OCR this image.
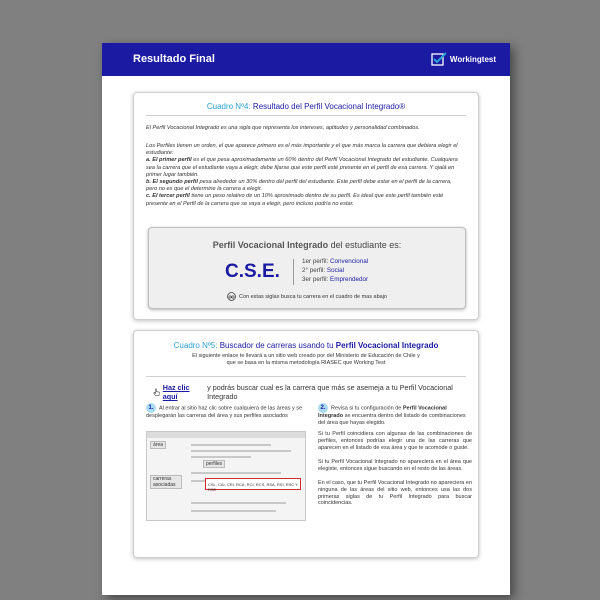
Resultado Final	Workingtest
Cuadro Nº4: Resultado del Perfil Vocacional Integrado®

El Perfil Vocacional Integrado es una sigla que representa los intereses, aptitudes y personalidad combinados.

Los Perfiles tienen un orden, el que aparece primero es el más importante y el que más marca la carrera que debiera elegir el estudiante:

a. El primer perfil es el que pesa aproximadamente un 60% dentro del Perfil Vocacional Integrado del estudiante. Cualquiera sea la carrera que el estudiante vaya a elegir, debe fijarse que este perfil esté presente en el perfil de esa carrera. Y ojalá en primer lugar también.

b. El segundo perfil pesa alrededor un 30% dentro del perfil del estudiante. Este perfil debe estar en el perfil de la carrera, pero no es que el determine la carrera a elegir.

c. El tercer perfil tiene un peso relativo de un 10% aproximado dentro de su perfil. Es ideal que este perfil también esté presente en el Perfil de la carrera que se vaya a elegir, pero incluso podría no estar.

Perfil Vocacional Integrado del estudiante es:
C.S.E.	1er perfil: Convencional
2° perfil: Social
3er perfil: Emprendedor
Con estas siglas busca tu carrera en el cuadro de mas abajo
Cuadro Nº5: Buscador de carreras usando tu Perfil Vocacional Integrado
El siguiente enlace te llevará a un sitio web creado por del Ministerio de Educación de Chile y
que se basa en la misma metodología RIASEC que Working Test
Haz clic aquí
y podrás buscar cual es la carrera que más se asemeja a tu Perfil Vocacional Integrado
1. Al entrar al sitio haz clic sobre cualquiera de las áreas y se desplegarán las carreras del área y sus perfiles asociados
área
perfiles
carreras asociadas	CSL, CAI, CRI, RCA, RCI, RCS, RSA, RSI, RSC Y RSE
2. Revisa si tu configuración de Perfil Vocacional Integrado se encuentra dentro del listado de combinaciones del área que hayas elegido.
Si tu Perfil coincidiera con algunas de las combinaciones de perfiles, entonces podrías elegir una de las carreras que aparecen en el listado de esa área y que te acomode o guste.
Si tu Perfil Vocacional Integrado no apareciera en el área que elegiste, entonces sigue buscando en el resto de las áreas.
En el caso, que tu Perfil Vocacional Integrado no apareciera en ninguna de las áreas del sitio web, entonces usa las dos primeras siglas de tu Perfil Integrado para buscar coincidencias.
